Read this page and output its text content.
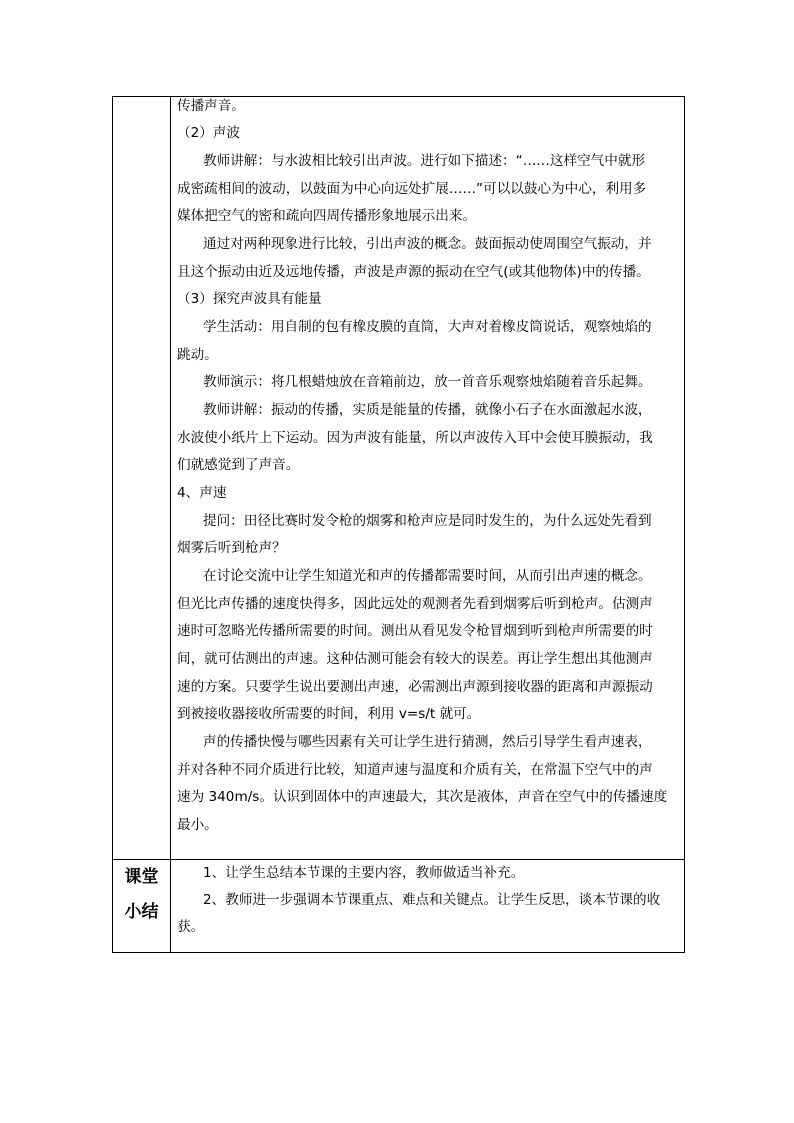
传播声音。
（2）声波
教师讲解：与水波相比较引出声波。进行如下描述：“……这样空气中就形
成密疏相间的波动，以鼓面为中心向远处扩展……”可以以鼓心为中心，利用多
媒体把空气的密和疏向四周传播形象地展示出来。
通过对两种现象进行比较，引出声波的概念。鼓面振动使周围空气振动，并
且这个振动由近及远地传播，声波是声源的振动在空气(或其他物体)中的传播。
（3）探究声波具有能量
学生活动：用自制的包有橡皮膜的直筒，大声对着橡皮筒说话，观察烛焰的
跳动。
教师演示：将几根蜡烛放在音箱前边，放一首音乐观察烛焰随着音乐起舞。
教师讲解：振动的传播，实质是能量的传播，就像小石子在水面激起水波，
水波使小纸片上下运动。因为声波有能量，所以声波传入耳中会使耳膜振动，我
们就感觉到了声音。
4、声速
提问：田径比赛时发令枪的烟雾和枪声应是同时发生的，为什么远处先看到
烟雾后听到枪声？
在讨论交流中让学生知道光和声的传播都需要时间，从而引出声速的概念。
但光比声传播的速度快得多，因此远处的观测者先看到烟雾后听到枪声。估测声
速时可忽略光传播所需要的时间。测出从看见发令枪冒烟到听到枪声所需要的时
间，就可估测出的声速。这种估测可能会有较大的误差。再让学生想出其他测声
速的方案。只要学生说出要测出声速，必需测出声源到接收器的距离和声源振动
到被接收器接收所需要的时间，利用 v=s/t 就可。
声的传播快慢与哪些因素有关可让学生进行猜测，然后引导学生看声速表，
并对各种不同介质进行比较，知道声速与温度和介质有关，在常温下空气中的声
速为 340m/s。认识到固体中的声速最大，其次是液体，声音在空气中的传播速度
最小。
课堂
小结
1、让学生总结本节课的主要内容，教师做适当补充。
2、教师进一步强调本节课重点、难点和关键点。让学生反思，谈本节课的收
获。
